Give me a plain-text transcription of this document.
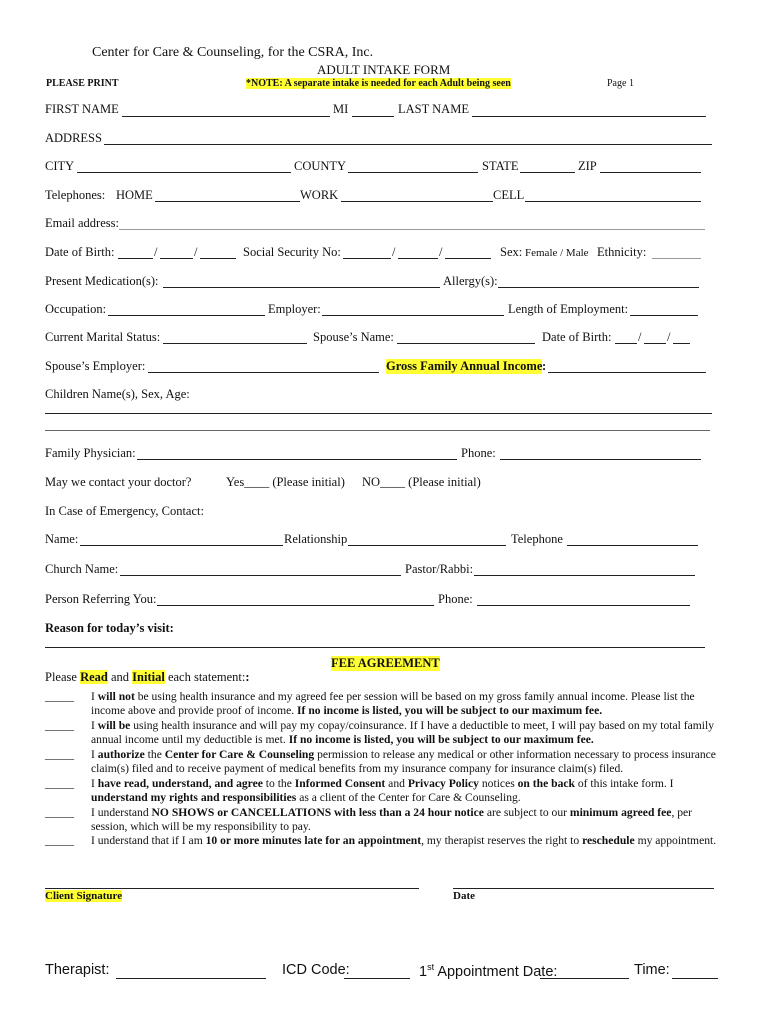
Center for Care & Counseling, for the CSRA, Inc.
ADULT INTAKE FORM
PLEASE PRINT	*NOTE: A separate intake is needed for each Adult being seen	Page 1
FIRST NAME	MI	LAST NAME
ADDRESS
CITY	COUNTY	STATE	ZIP
Telephones: HOME	WORK	CELL
Email address:
Date of Birth:	/	/	Social Security No:	/	/	Sex: Female / Male Ethnicity:
Present Medication(s):	Allergy(s):
Occupation:	Employer:	Length of Employment:
Current Marital Status:	Spouse’s Name:	Date of Birth: / /
Spouse’s Employer:	Gross Family Annual Income :
Children Name(s), Sex, Age:
Family Physician:	Phone:
May we contact your doctor?	Yes____ (Please initial) NO____ (Please initial)
In Case of Emergency, Contact:
Name:	Relationship	Telephone
Church Name:	Pastor/Rabbi:
Person Referring You:	Phone:
Reason for today’s visit:
FEE AGREEMENT
Please Read and Initial each statement::
_____ I will not be using health insurance and my agreed fee per session will be based on my gross family annual income. Please list the income above and provide proof of income. If no income is listed, you will be subject to our maximum fee.
_____ I will be using health insurance and will pay my copay/coinsurance. If I have a deductible to meet, I will pay based on my total family annual income until my deductible is met. If no income is listed, you will be subject to our maximum fee.
_____ I authorize the Center for Care & Counseling permission to release any medical or other information necessary to process insurance claim(s) filed and to receive payment of medical benefits from my insurance company for insurance claim(s) filed.
_____ I have read, understand, and agree to the Informed Consent and Privacy Policy notices on the back of this intake form. I understand my rights and responsibilities as a client of the Center for Care & Counseling.
_____ I understand NO SHOWS or CANCELLATIONS with less than a 24 hour notice are subject to our minimum agreed fee, per session, which will be my responsibility to pay.
_____ I understand that if I am 10 or more minutes late for an appointment, my therapist reserves the right to reschedule my appointment.
Client Signature	Date
Therapist:	ICD Code:	1st Appointment Date:	Time:
